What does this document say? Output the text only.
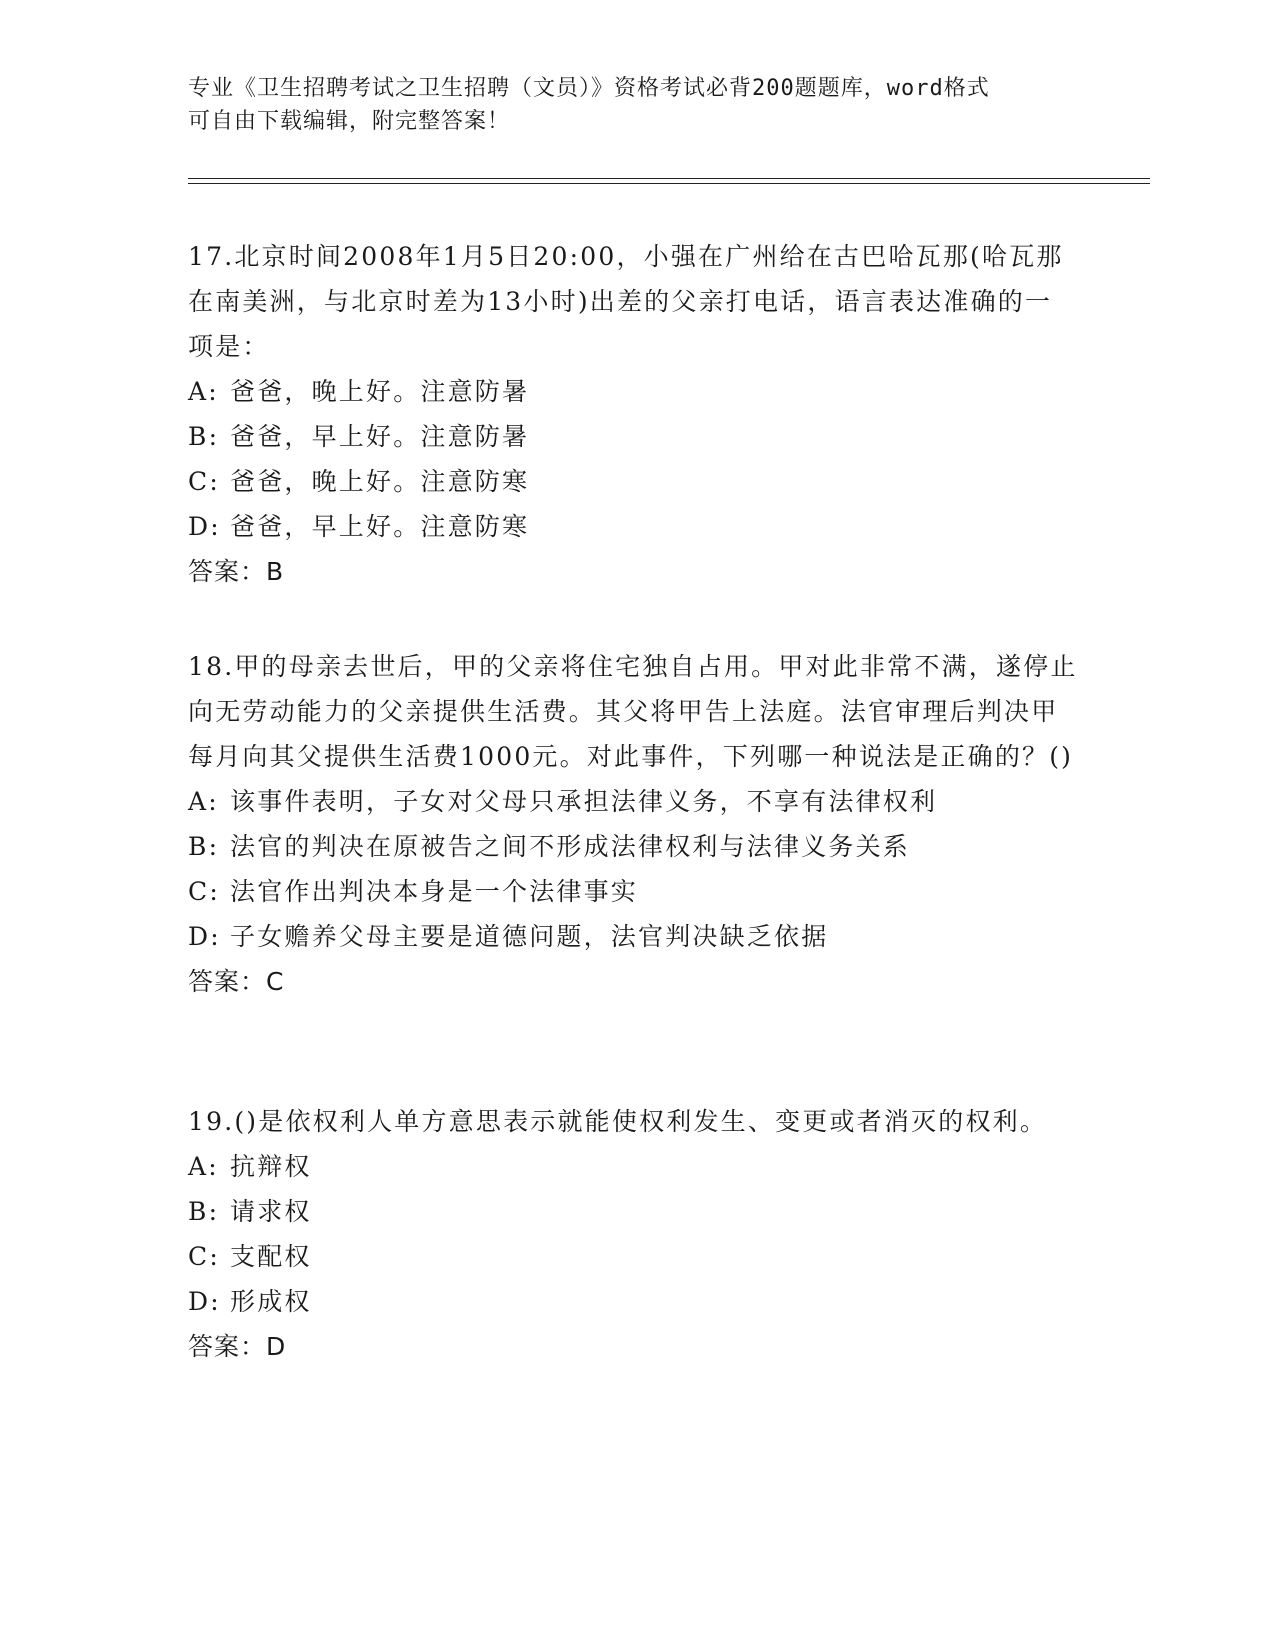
专业《卫生招聘考试之卫生招聘（文员）》资格考试必背200题题库，word格式
可自由下载编辑，附完整答案！

17.北京时间2008年1月5日20:00，小强在广州给在古巴哈瓦那(哈瓦那在南美洲，与北京时差为13小时)出差的父亲打电话，语言表达准确的一项是：

A: 爸爸，晚上好。注意防暑

B: 爸爸，早上好。注意防暑

C: 爸爸，晚上好。注意防寒

D: 爸爸，早上好。注意防寒

答案：B

18.甲的母亲去世后，甲的父亲将住宅独自占用。甲对此非常不满，遂停止向无劳动能力的父亲提供生活费。其父将甲告上法庭。法官审理后判决甲每月向其父提供生活费1000元。对此事件，下列哪一种说法是正确的？()

A: 该事件表明，子女对父母只承担法律义务，不享有法律权利

B: 法官的判决在原被告之间不形成法律权利与法律义务关系

C: 法官作出判决本身是一个法律事实

D: 子女赡养父母主要是道德问题，法官判决缺乏依据

答案：C

19.()是依权利人单方意思表示就能使权利发生、变更或者消灭的权利。

A: 抗辩权

B: 请求权

C: 支配权

D: 形成权

答案：D
